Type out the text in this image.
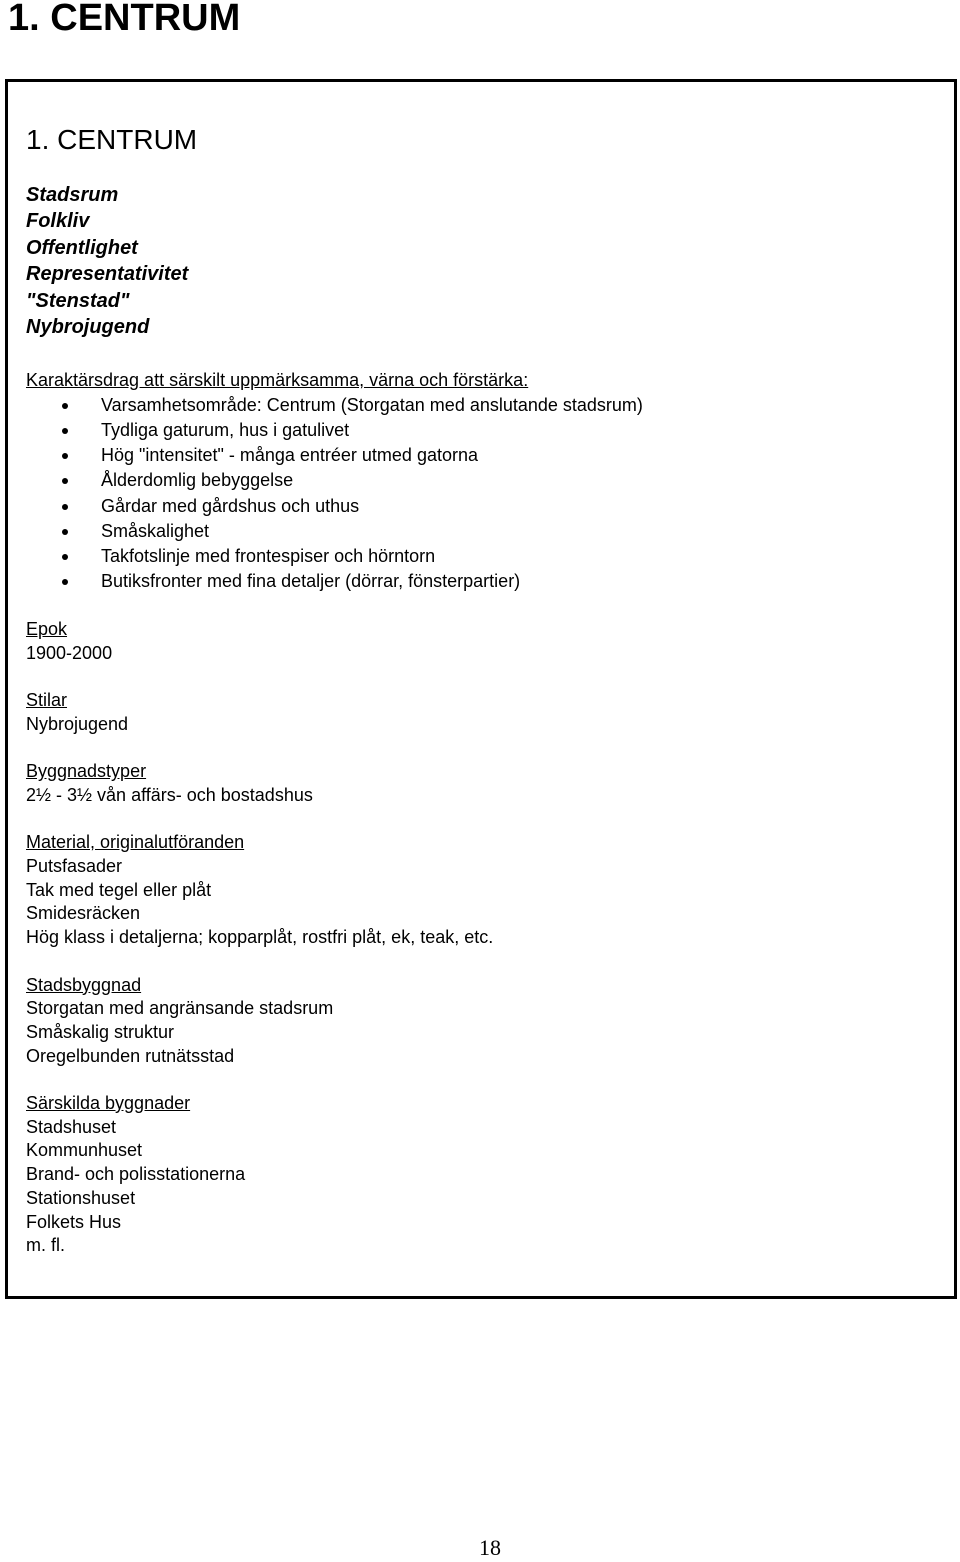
1. CENTRUM
1. CENTRUM
Stadsrum
Folkliv
Offentlighet
Representativitet
"Stenstad"
Nybrojugend
Karaktärsdrag att särskilt uppmärksamma, värna och förstärka:
Varsamhetsområde: Centrum (Storgatan med anslutande stadsrum)
Tydliga gaturum, hus i gatulivet
Hög "intensitet" - många entréer utmed gatorna
Ålderdomlig bebyggelse
Gårdar med gårdshus och uthus
Småskalighet
Takfotslinje med frontespiser och hörntorn
Butiksfronter med fina detaljer (dörrar, fönsterpartier)
Epok
1900-2000
Stilar
Nybrojugend
Byggnadstyper
2½ - 3½ vån affärs- och bostadshus
Material, originalutföranden
Putsfasader
Tak med tegel eller plåt
Smidesräcken
Hög klass i detaljerna; kopparplåt, rostfri plåt, ek, teak, etc.
Stadsbyggnad
Storgatan med angränsande stadsrum
Småskalig struktur
Oregelbunden rutnätsstad
Särskilda byggnader
Stadshuset
Kommunhuset
Brand- och polisstationerna
Stationshuset
Folkets Hus
m. fl.
18
